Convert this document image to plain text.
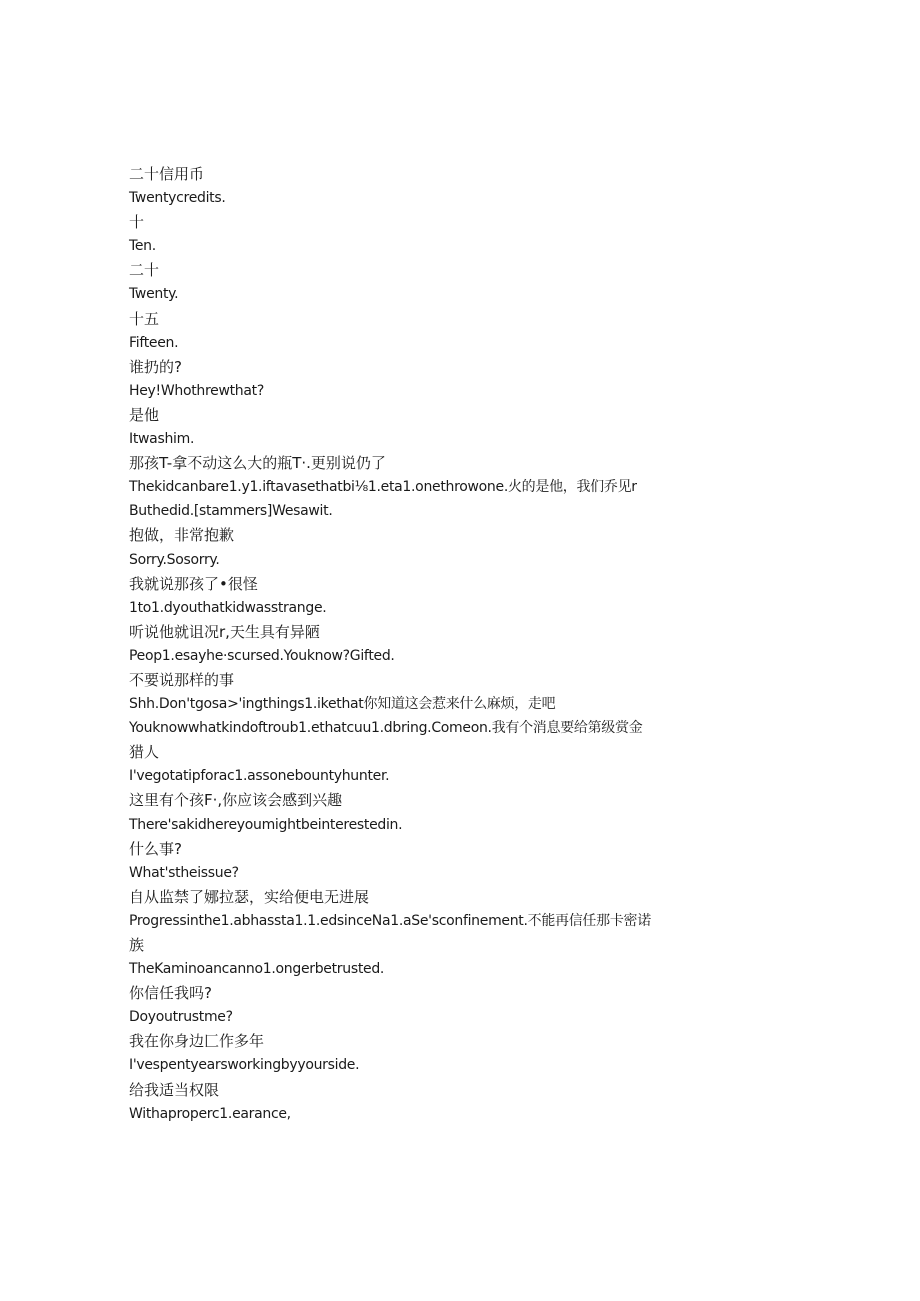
二十信用币
Twentycredits.
十
Ten.
二十
Twenty.
十五
Fifteen.
谁扔的?
Hey!Whothrewthat?
是他
Itwashim.
那孩T-拿不动这么大的瓶T·.更别说仍了
Thekidcanbare1.y1.iftavasethatbi⅛1.eta1.onethrowone.火的是他，我们乔见r
Buthedid.[stammers]Wesawit.
抱做，非常抱歉
Sorry.Sosorry.
我就说那孩了•很怪
1to1.dyouthatkidwasstrange.
听说他就诅况r,天生具有异陋
Peop1.esayhe·scursed.Youknow?Gifted.
不要说那样的事
Shh.Don'tgosa>'ingthings1.ikethat你知道这会惹来什么麻烦，走吧
Youknowwhatkindoftroub1.ethatcuu1.dbring.Comeon.我有个消息要给第级赏金
猎人
I'vegotatipforac1.assonebountyhunter.
这里有个孩F·,你应该会感到兴趣
There'sakidhereyoumightbeinterestedin.
什么事?
What'stheissue?
自从监禁了娜拉瑟，实给便电无进展
Progressinthe1.abhassta1.1.edsinceNa1.aSe'sconfinement.不能再信任那卡密诺
族
TheKaminoancanno1.ongerbetrusted.
你信任我吗?
Doyoutrustme?
我在你身边匚作多年
I'vespentyearsworkingbyyourside.
给我适当权限
Withaproperc1.earance,
